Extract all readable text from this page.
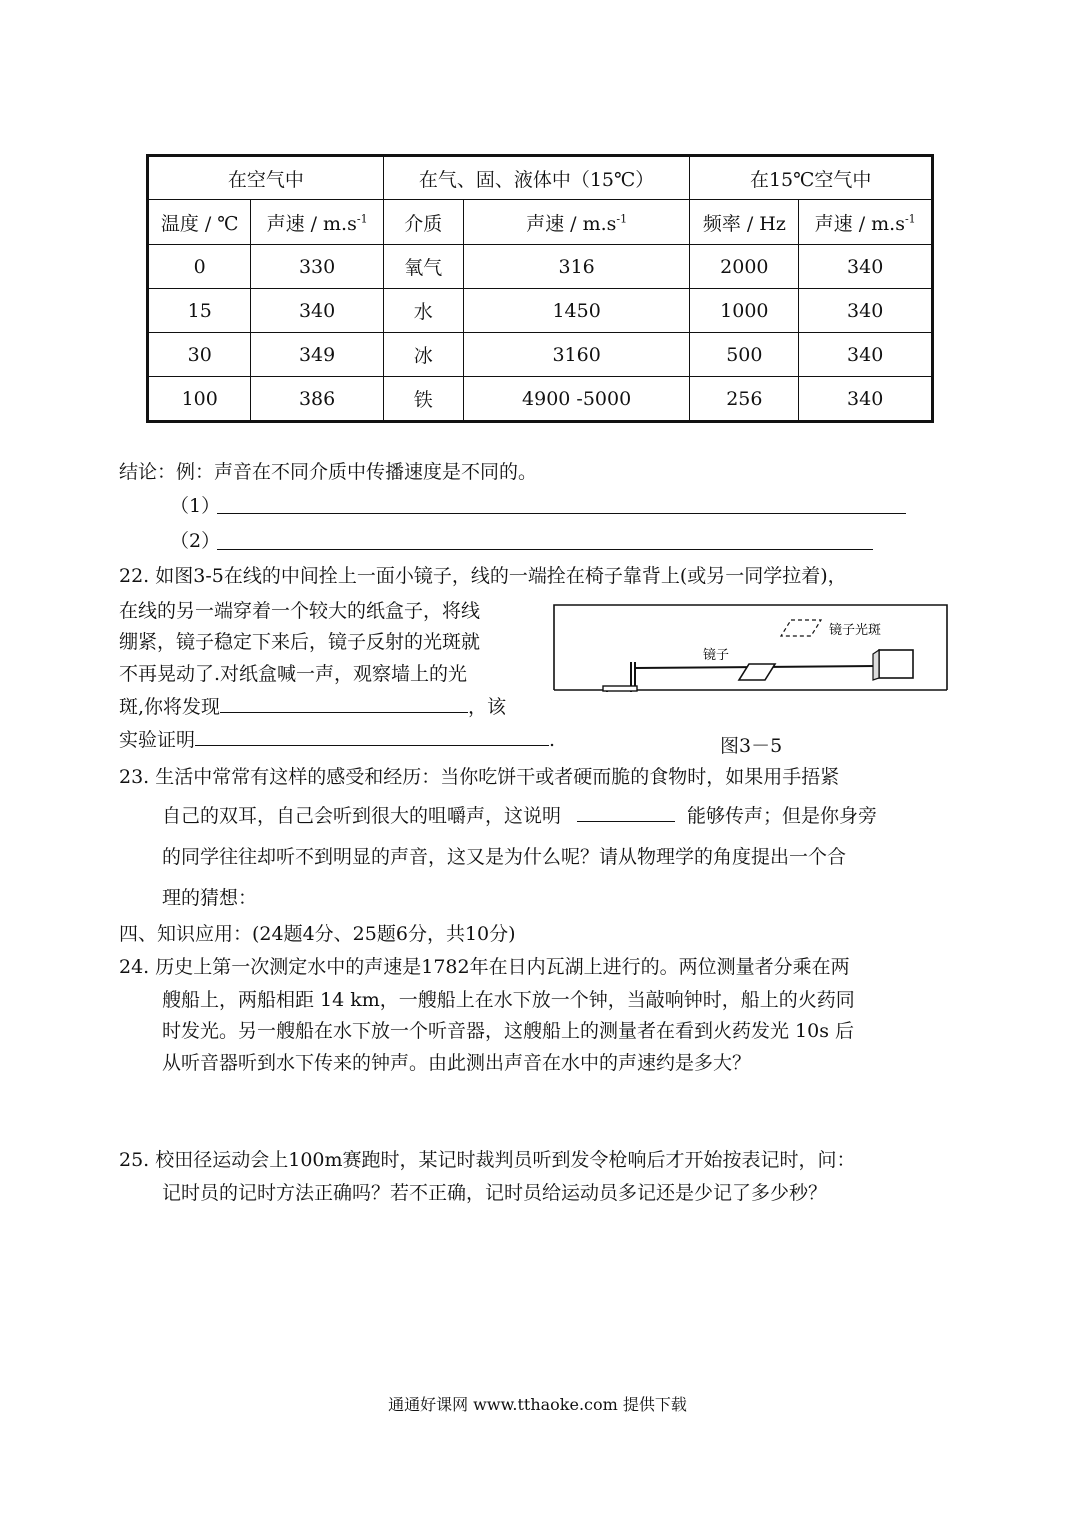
在空气中		在气、固、液体中（15℃）		在15℃空气中	
温度 / ℃	声速 / $m.s^{-1}$	介质	声速 / $m.s^{-1}$	频率 / Hz	声速 / $m.s^{-1}$
0	330	氧气	316	2000	340
15	340	水	1450	1000	340
30	349	冰	3160	500	340
100	386	铁	4900 -5000	256	340
结论：例：声音在不同介质中传播速度是不同的。
（1）
（2）
22. 如图3-5在线的中间拴上一面小镜子，线的一端拴在椅子靠背上(或另一同学拉着)，
在线的另一端穿着一个较大的纸盒子，将线
绷紧，镜子稳定下来后，镜子反射的光斑就
不再晃动了.对纸盒喊一声，观察墙上的光
斑,你将发现	，该
实验证明	.
镜子
镜子光斑
图3－5
23. 生活中常常有这样的感受和经历：当你吃饼干或者硬而脆的食物时，如果用手捂紧
自己的双耳，自己会听到很大的咀嚼声，这说明	能够传声；但是你身旁
的同学往往却听不到明显的声音，这又是为什么呢？请从物理学的角度提出一个合
理的猜想：
四、知识应用：(24题4分、25题6分，共10分)
24. 历史上第一次测定水中的声速是1782年在日内瓦湖上进行的。两位测量者分乘在两
艘船上，两船相距 14 km，一艘船上在水下放一个钟，当敲响钟时，船上的火药同
时发光。另一艘船在水下放一个听音器，这艘船上的测量者在看到火药发光 10s 后
从听音器听到水下传来的钟声。由此测出声音在水中的声速约是多大？
25. 校田径运动会上100m赛跑时，某记时裁判员听到发令枪响后才开始按表记时，问：
记时员的记时方法正确吗？若不正确，记时员给运动员多记还是少记了多少秒？
通通好课网 www.tthaoke.com 提供下载
